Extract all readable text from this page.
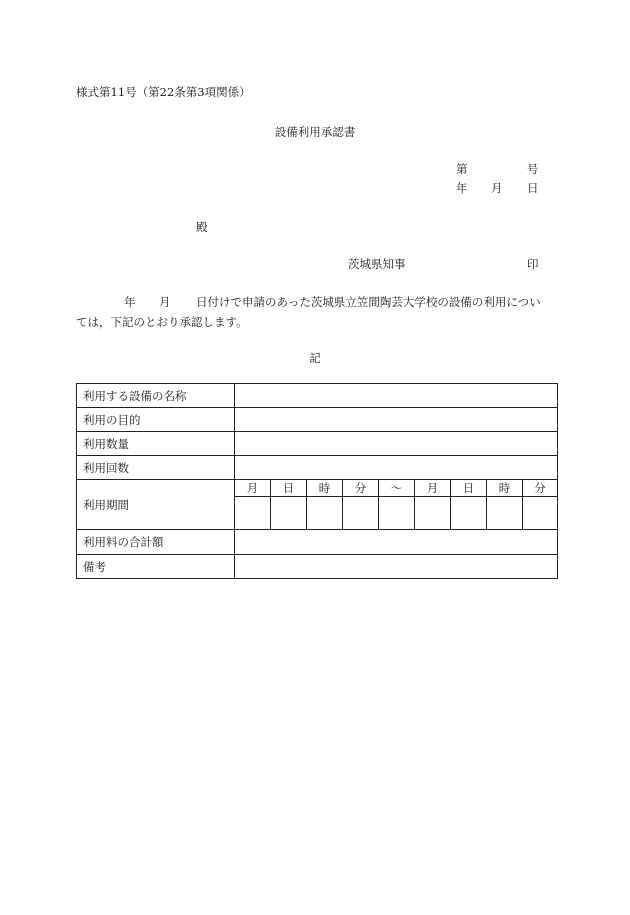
様式第11号（第22条第3項関係）
設備利用承認書
第	号
年 月 日
殿
茨城県知事	印
年 月 日付けで申請のあった茨城県立笠間陶芸大学校の設備の利用につい
ては，下記のとおり承認します。
記
利用する設備の名称									
利用の目的									
利用数量									
利用回数									
利用期間	月	日	時	分	〜	月	日	時	分

利用料の合計額									
備考									
